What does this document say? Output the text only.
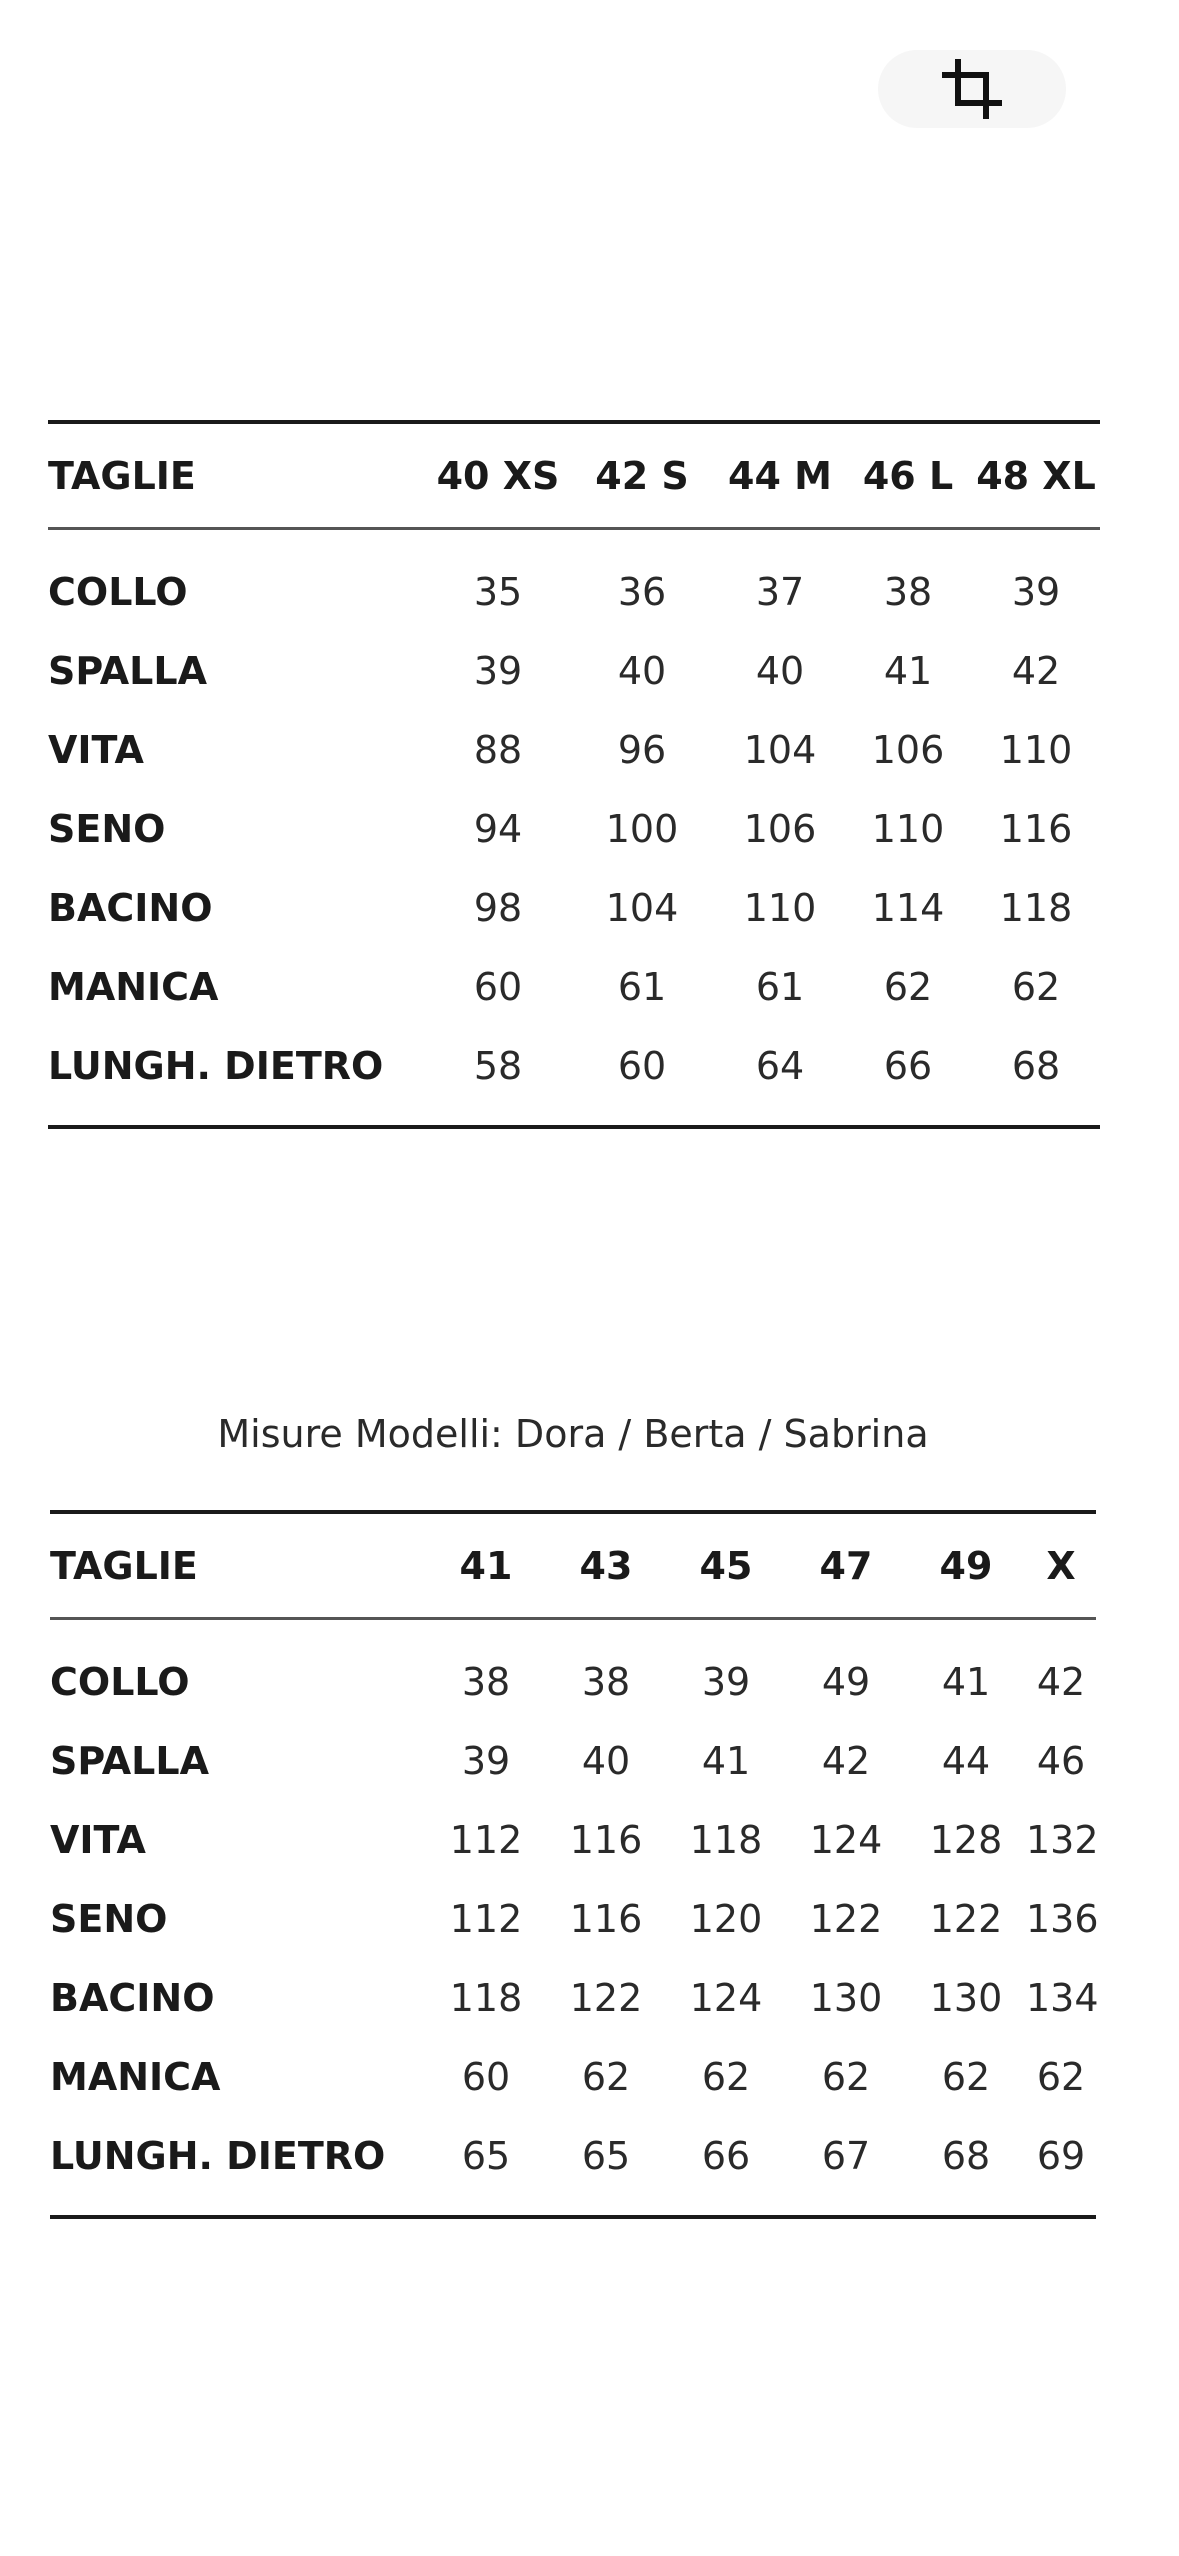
TAGLIE	40 XS	42 S	44 M	46 L	48 XL
COLLO	35	36	37	38	39
SPALLA	39	40	40	41	42
VITA	88	96	104	106	110
SENO	94	100	106	110	116
BACINO	98	104	110	114	118
MANICA	60	61	61	62	62
LUNGH. DIETRO	58	60	64	66	68
Misure Modelli: Dora / Berta / Sabrina
TAGLIE	41	43	45	47	49	X
COLLO	38	38	39	49	41	42
SPALLA	39	40	41	42	44	46
VITA	112	116	118	124	128	132
SENO	112	116	120	122	122	136
BACINO	118	122	124	130	130	134
MANICA	60	62	62	62	62	62
LUNGH. DIETRO	65	65	66	67	68	69
